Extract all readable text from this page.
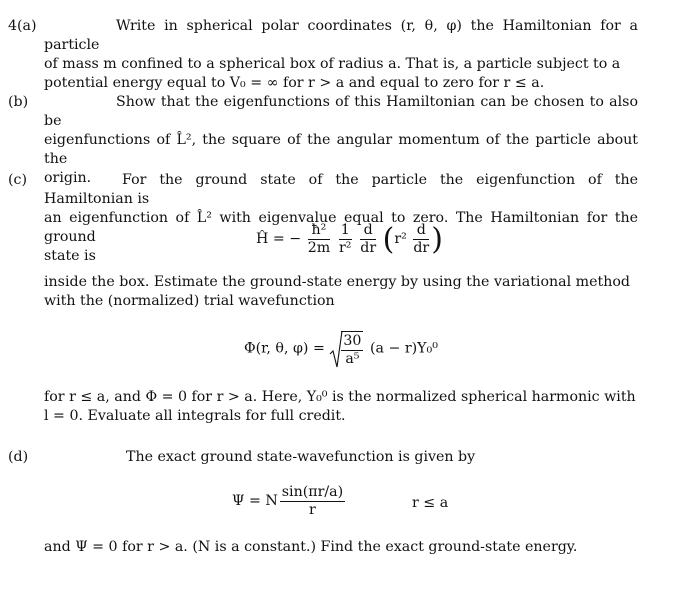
4(a)	Write in spherical polar coordinates (r, θ, φ) the Hamiltonian for a particle
of mass m confined to a spherical box of radius a. That is, a particle subject to a
potential energy equal to V₀ = ∞ for r > a and equal to zero for r ≤ a.
(b)	Show that the eigenfunctions of this Hamiltonian can be chosen to also be
eigenfunctions of L̂², the square of the angular momentum of the particle about the
origin.
(c)	For the ground state of the particle the eigenfunction of the Hamiltonian is
an eigenfunction of L̂² with eigenvalue equal to zero. The Hamiltonian for the ground
state is
Ĥ = − $\frac{\text{ħ²}}{2m}$
$\frac{1}{\text{r²}}$
$\frac{d}{dr} (r^2 \frac{d}{dr}$ )
inside the box. Estimate the ground-state energy by using the variational method
with the (normalized) trial wavefunction
Φ(r, θ, $\varphi) = \frac{30}{\text{a⁵}} (a - r)Y_0^0$
for r ≤ a, and Φ = 0 for r > a. Here, Y₀⁰ is the normalized spherical harmonic with
l = 0. Evaluate all integrals for full credit.
(d)	The exact ground state-wavefunction is given by
Ψ = N $\frac{\sin(\pi r/a)}{r}$	r ≤ a
and Ψ = 0 for r > a. (N is a constant.) Find the exact ground-state energy.
